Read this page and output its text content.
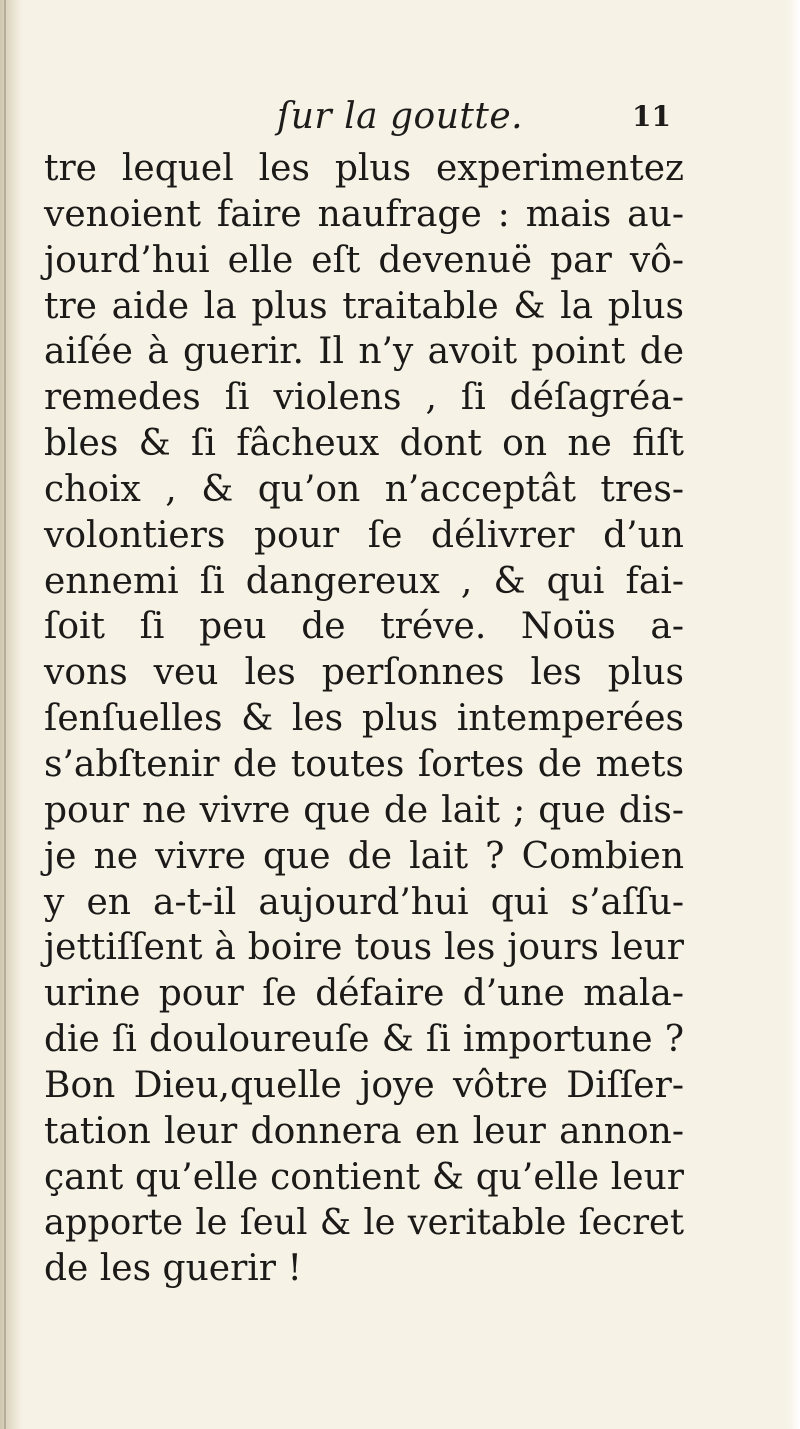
ſur la goutte.	11
tre lequel les plus experimentez
venoient faire naufrage : mais au-
jourd’hui elle eſt devenuë par vô-
tre aide la plus traitable & la plus
aiſée à guerir. Il n’y avoit point de
remedes ſi violens , ſi déſagréa-
bles & ſi fâcheux dont on ne fiſt
choix , & qu’on n’acceptât tres-
volontiers pour ſe délivrer d’un
ennemi ſi dangereux , & qui fai-
ſoit ſi peu de tréve. Noüs a-
vons veu les perſonnes les plus
ſenſuelles & les plus intemperées
s’abſtenir de toutes ſortes de mets
pour ne vivre que de lait ; que dis-
je ne vivre que de lait ? Combien
y en a-t-il aujourd’hui qui s’aſſu-
jettiſſent à boire tous les jours leur
urine pour ſe défaire d’une mala-
die ſi douloureuſe & ſi importune ?
Bon Dieu,quelle joye vôtre Diſſer-
tation leur donnera en leur annon-
çant qu’elle contient & qu’elle leur
apporte le ſeul & le veritable ſecret
de les guerir !
